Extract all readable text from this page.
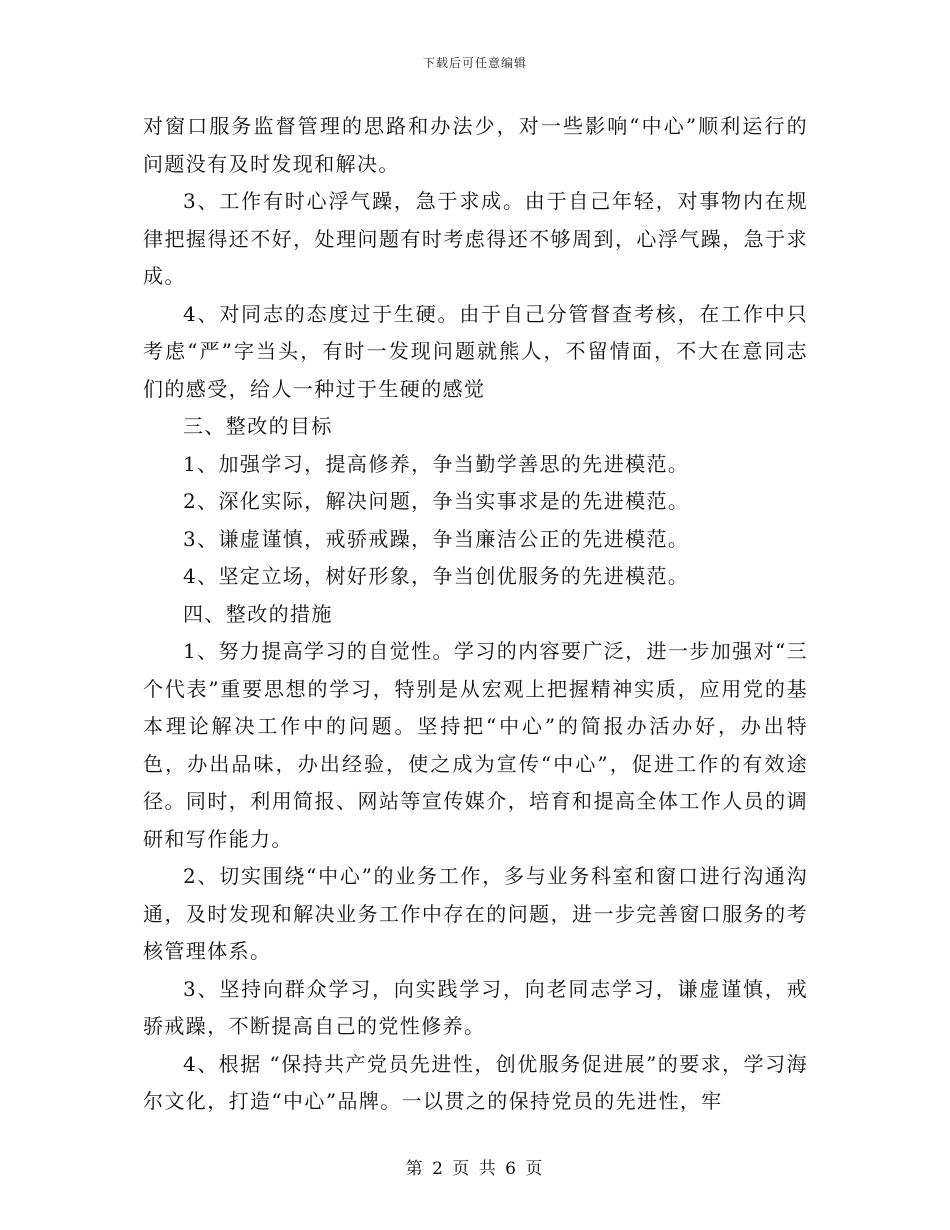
下载后可任意编辑

对窗口服务监督管理的思路和办法少，对一些影响“中心”顺利运行的问题没有及时发现和解决。

3、工作有时心浮气躁，急于求成。由于自己年轻，对事物内在规律把握得还不好，处理问题有时考虑得还不够周到，心浮气躁，急于求成。

4、对同志的态度过于生硬。由于自己分管督查考核，在工作中只考虑“严”字当头，有时一发现问题就熊人，不留情面，不大在意同志们的感受，给人一种过于生硬的感觉

三、整改的目标

1、加强学习，提高修养，争当勤学善思的先进模范。

2、深化实际，解决问题，争当实事求是的先进模范。

3、谦虚谨慎，戒骄戒躁，争当廉洁公正的先进模范。

4、坚定立场，树好形象，争当创优服务的先进模范。

四、整改的措施

1、努力提高学习的自觉性。学习的内容要广泛，进一步加强对“三个代表”重要思想的学习，特别是从宏观上把握精神实质，应用党的基本理论解决工作中的问题。坚持把“中心”的简报办活办好，办出特色，办出品味，办出经验，使之成为宣传“中心”，促进工作的有效途径。同时，利用简报、网站等宣传媒介，培育和提高全体工作人员的调研和写作能力。

2、切实围绕“中心”的业务工作，多与业务科室和窗口进行沟通沟通，及时发现和解决业务工作中存在的问题，进一步完善窗口服务的考核管理体系。

3、坚持向群众学习，向实践学习，向老同志学习，谦虚谨慎，戒骄戒躁，不断提高自己的党性修养。

4、根据 “保持共产党员先进性，创优服务促进展”的要求，学习海尔文化，打造“中心”品牌。一以贯之的保持党员的先进性，牢

第 2 页 共 6 页
